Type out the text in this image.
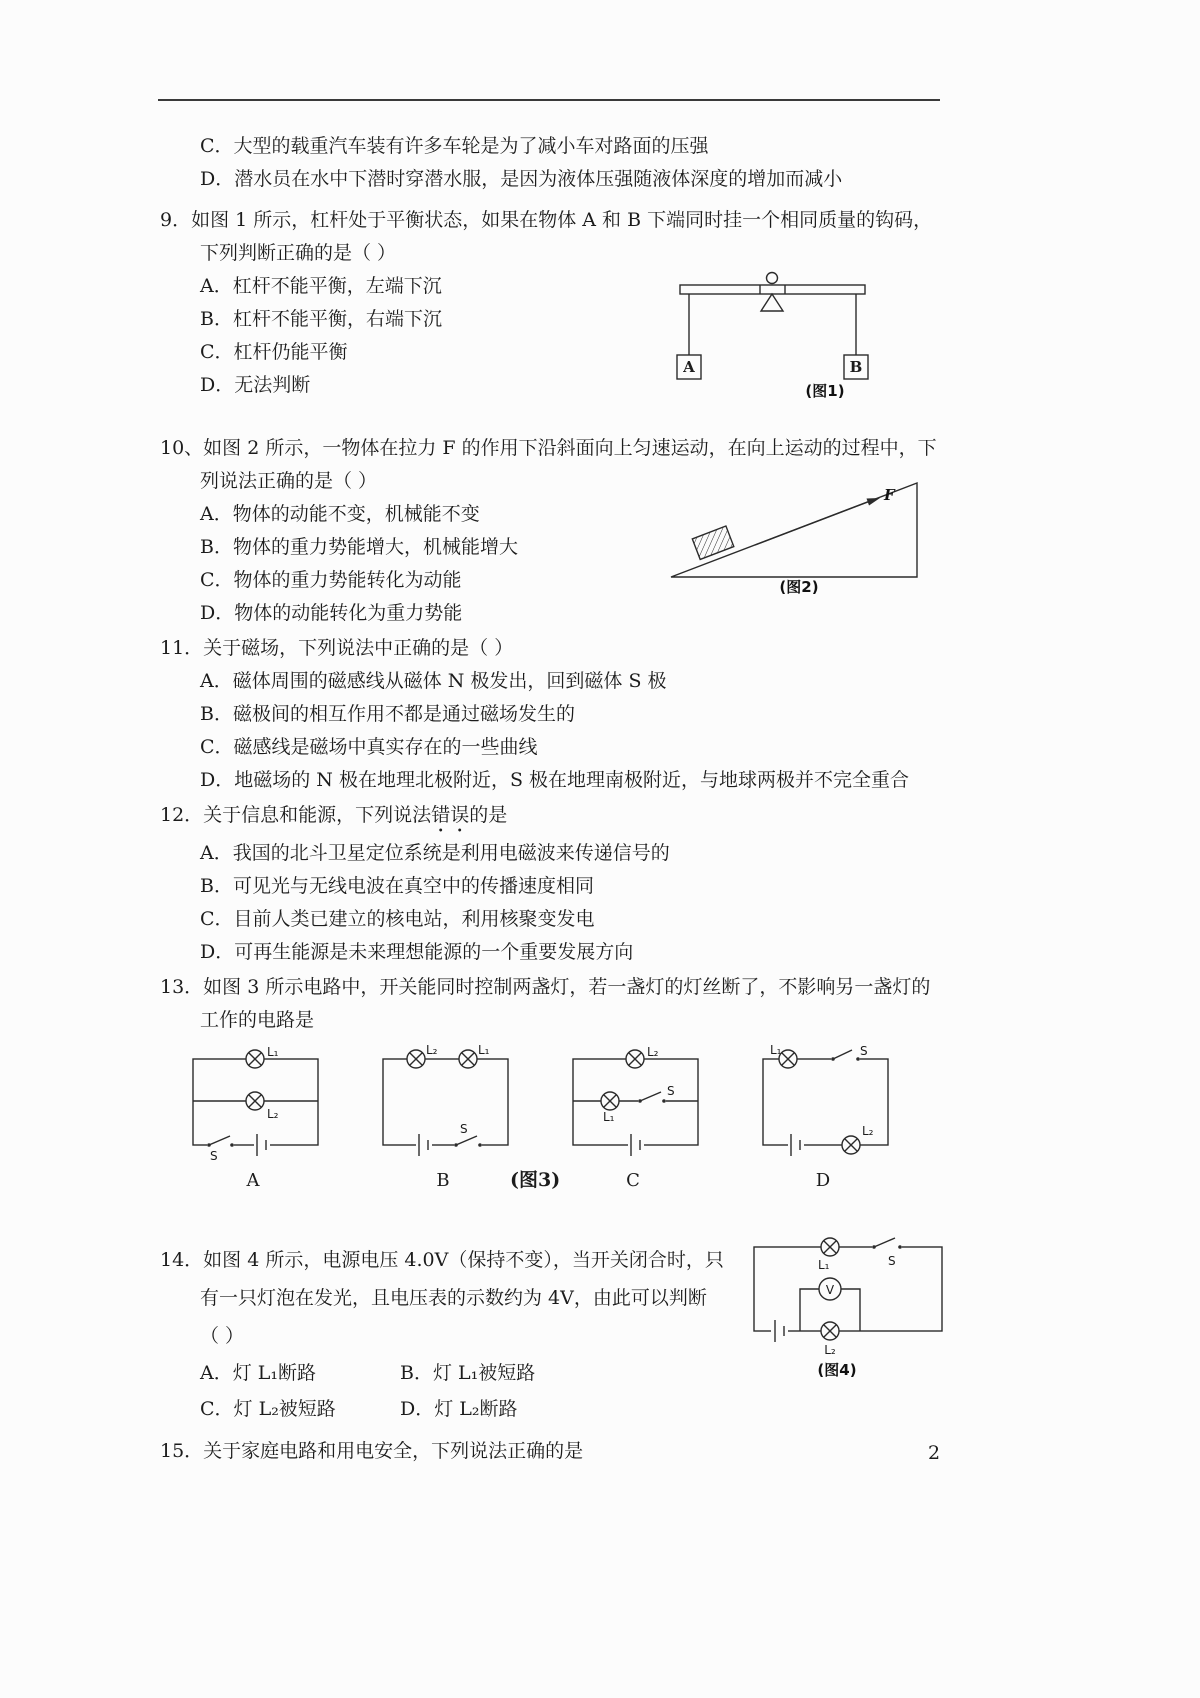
C．大型的载重汽车装有许多车轮是为了减小车对路面的压强
D．潜水员在水中下潜时穿潜水服，是因为液体压强随液体深度的增加而减小
9．如图 1 所示，杠杆处于平衡状态，如果在物体 A 和 B 下端同时挂一个相同质量的钩码，
下列判断正确的是（ ）
A．杠杆不能平衡，左端下沉
B．杠杆不能平衡，右端下沉
C．杠杆仍能平衡
D．无法判断
A	B
(图1)
10、如图 2 所示，一物体在拉力 F 的作用下沿斜面向上匀速运动，在向上运动的过程中，下
列说法正确的是（ ）
A．物体的动能不变，机械能不变
B．物体的重力势能增大，机械能增大
C．物体的重力势能转化为动能
D．物体的动能转化为重力势能
F
(图2)
11．关于磁场，下列说法中正确的是（ ）
A．磁体周围的磁感线从磁体 N 极发出，回到磁体 S 极
B．磁极间的相互作用不都是通过磁场发生的
C．磁感线是磁场中真实存在的一些曲线
D．地磁场的 N 极在地理北极附近，S 极在地理南极附近，与地球两极并不完全重合
12．关于信息和能源，下列说法错误的是
A．我国的北斗卫星定位系统是利用电磁波来传递信号的
B．可见光与无线电波在真空中的传播速度相同
C．目前人类已建立的核电站，利用核聚变发电
D．可再生能源是未来理想能源的一个重要发展方向
13．如图 3 所示电路中，开关能同时控制两盏灯，若一盏灯的灯丝断了，不影响另一盏灯的
工作的电路是
L₁
L₂
S
A
L₂	L₁
S
B
L₂
L₁
S
C
L₁	S
L₂
D
(图3)
14．如图 4 所示，电源电压 4.0V（保持不变），当开关闭合时，只
有一只灯泡在发光，且电压表的示数约为 4V，由此可以判断
（ ）
A．灯 L₁断路	B．灯 L₁被短路
C．灯 L₂被短路	D．灯 L₂断路
L₁	S
V
L₂
(图4)
15．关于家庭电路和用电安全，下列说法正确的是	2
